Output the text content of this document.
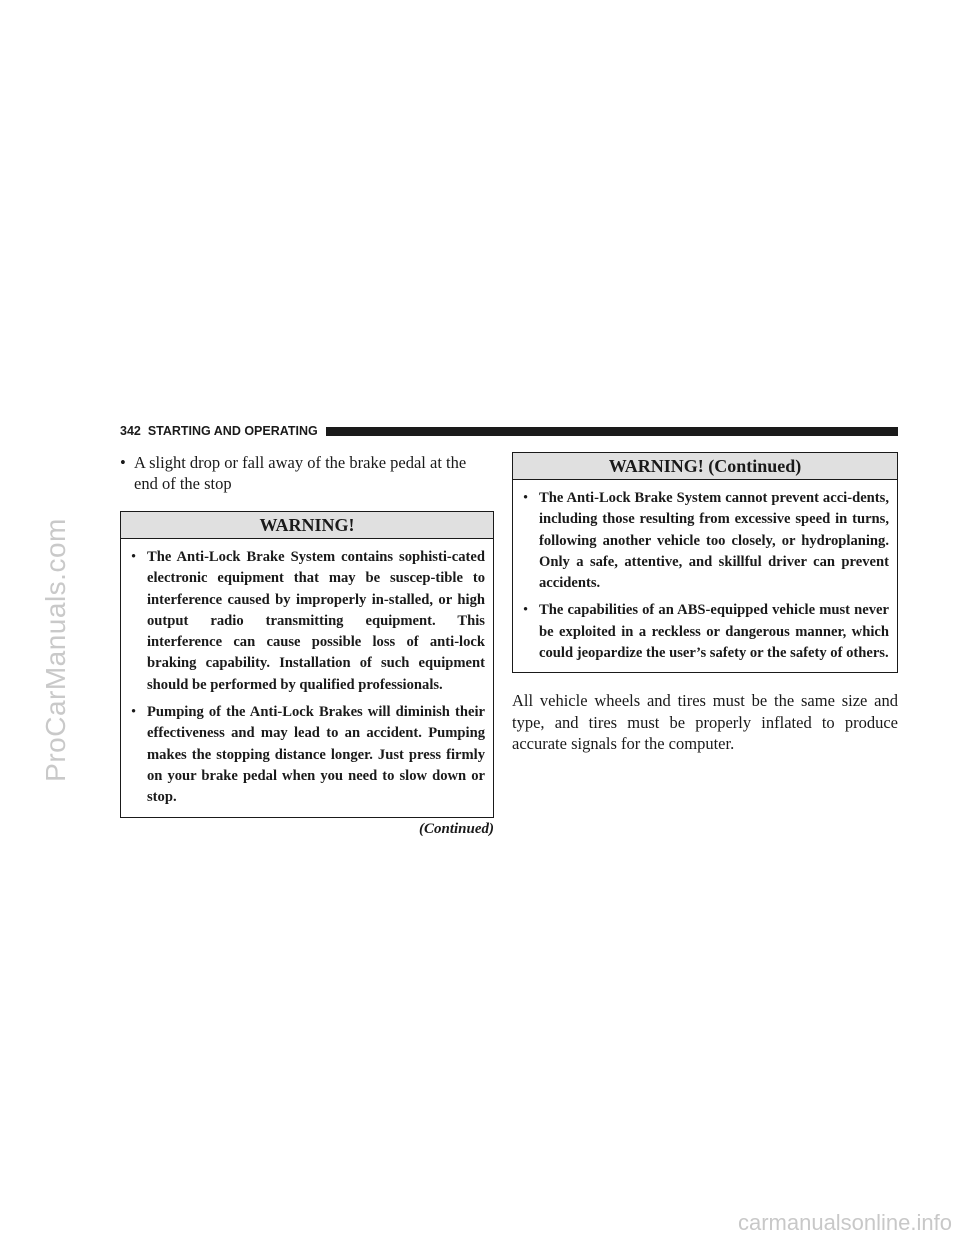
ProCarManuals.com
342 STARTING AND OPERATING
• A slight drop or fall away of the brake pedal at the end of the stop
WARNING!
• The Anti-Lock Brake System contains sophisti-cated electronic equipment that may be suscep-tible to interference caused by improperly in-stalled, or high output radio transmitting equipment. This interference can cause possible loss of anti-lock braking capability. Installation of such equipment should be performed by qualified professionals.
• Pumping of the Anti-Lock Brakes will diminish their effectiveness and may lead to an accident. Pumping makes the stopping distance longer. Just press firmly on your brake pedal when you need to slow down or stop.
(Continued)
WARNING! (Continued)
• The Anti-Lock Brake System cannot prevent acci-dents, including those resulting from excessive speed in turns, following another vehicle too closely, or hydroplaning. Only a safe, attentive, and skillful driver can prevent accidents.
• The capabilities of an ABS-equipped vehicle must never be exploited in a reckless or dangerous manner, which could jeopardize the user’s safety or the safety of others.
All vehicle wheels and tires must be the same size and type, and tires must be properly inflated to produce accurate signals for the computer.
carmanualsonline.info
